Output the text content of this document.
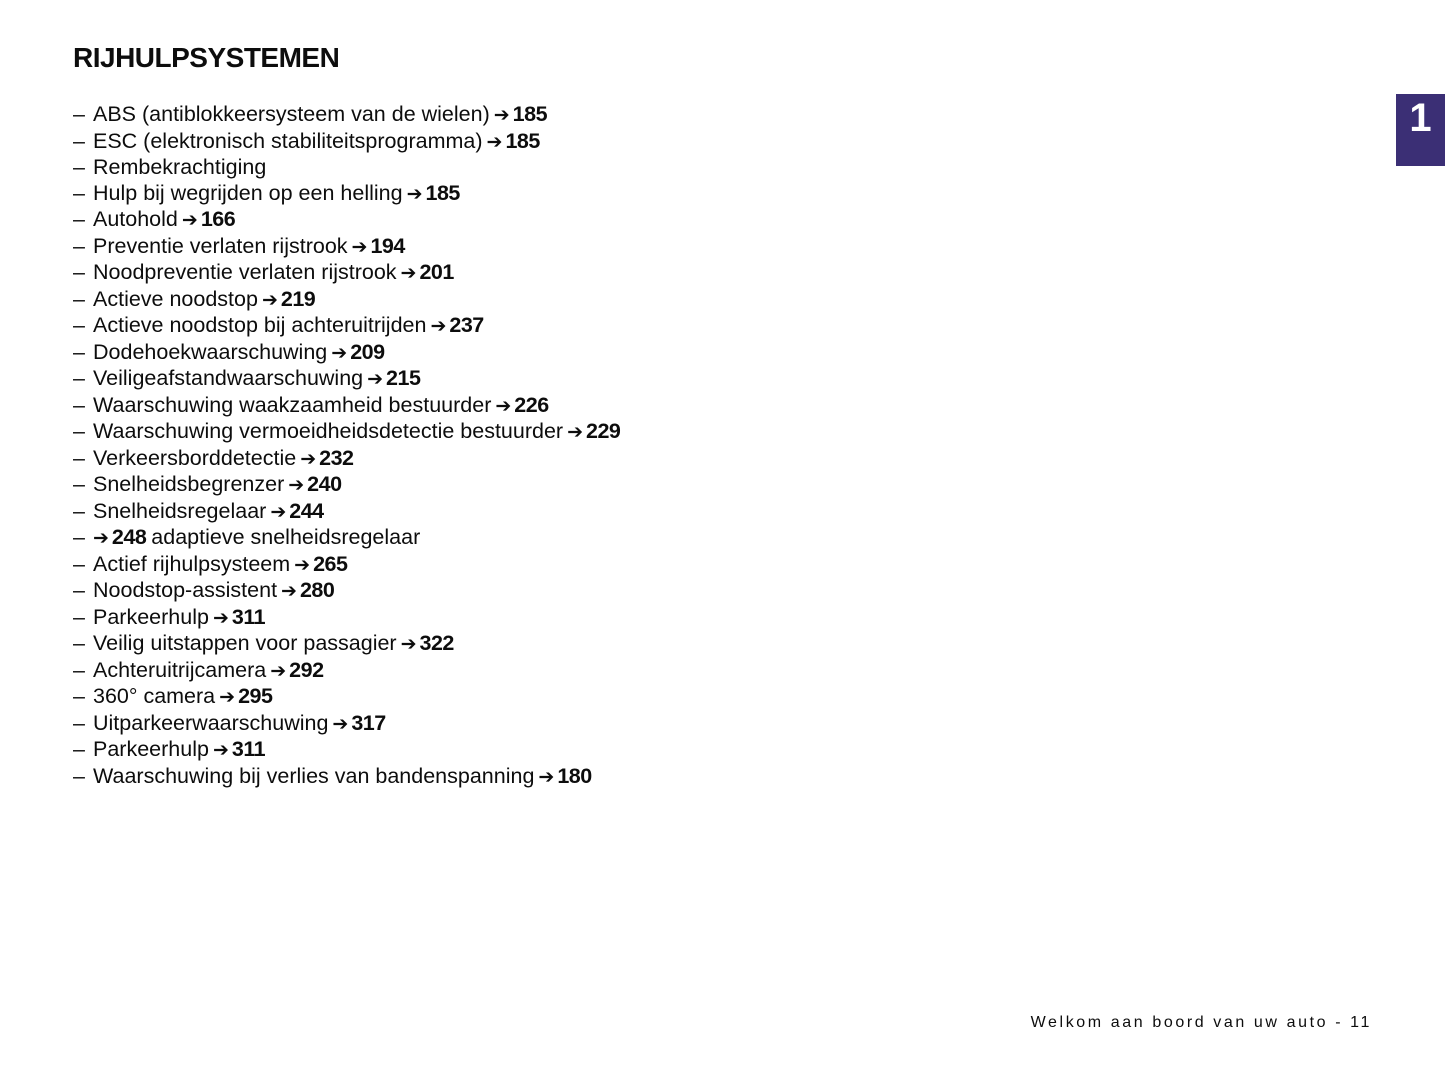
RIJHULPSYSTEMEN
– ABS (antiblokkeersysteem van de wielen) ➔ 185
– ESC (elektronisch stabiliteitsprogramma) ➔ 185
– Rembekrachtiging
– Hulp bij wegrijden op een helling ➔ 185
– Autohold ➔ 166
– Preventie verlaten rijstrook ➔ 194
– Noodpreventie verlaten rijstrook ➔ 201
– Actieve noodstop ➔ 219
– Actieve noodstop bij achteruitrijden ➔ 237
– Dodehoekwaarschuwing ➔ 209
– Veiligeafstandwaarschuwing ➔ 215
– Waarschuwing waakzaamheid bestuurder ➔ 226
– Waarschuwing vermoeidheidsdetectie bestuurder ➔ 229
– Verkeersborddetectie ➔ 232
– Snelheidsbegrenzer ➔ 240
– Snelheidsregelaar ➔ 244
– ➔ 248 adaptieve snelheidsregelaar
– Actief rijhulpsysteem ➔ 265
– Noodstop-assistent ➔ 280
– Parkeerhulp ➔ 311
– Veilig uitstappen voor passagier ➔ 322
– Achteruitrijcamera ➔ 292
– 360° camera ➔ 295
– Uitparkeerwaarschuwing ➔ 317
– Parkeerhulp ➔ 311
– Waarschuwing bij verlies van bandenspanning ➔ 180
1
Welkom aan boord van uw auto - 11
